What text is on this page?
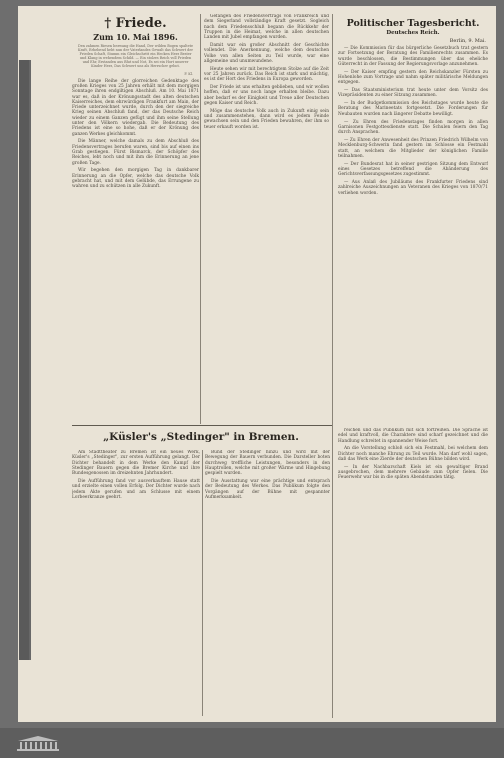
† Friede.
Zum 10. Mai 1896.
Den zahmen Riesen bezwang die Hand, Der wilden Bogen spaltete Kraft, Erhebend hebt nun der Vaterlandes Gewalt das Schwert der Frieden Schaft, Stumm ein Gleichschritt ein Hecken Herz Bester und Klang in wehendem Schild. — Ein stolzes Reich voll Frieden und Ehr, Erstanden aus Blut und Not, Es sei ein Hort unserer Kinder Herz, Das Schwert uns als Herrscher gebot.
F. Kl.

Die lange Reihe der glorreichen Gedenktage des großen Krieges von 25 Jahren erhält mit dem morgigen Sonntage ihren endgiltigen Abschluß. Am 10. Mai 1871 war es, daß in der Krönungsstadt des alten deutschen Kaiserreiches, dem ehrwürdigen Frankfurt am Main, der Friede unterzeichnet wurde, durch den der siegreiche Krieg seinen Abschluß fand, der das Deutsche Reich wieder zu einem Ganzen gefügt und ihm seine Stellung unter den Völkern wiedergab. Die Bedeutung des Friedens ist eine so hohe, daß er der Krönung des ganzen Werkes gleichkommt.

Die Männer, welche damals zu dem Abschluß des Friedensvertrages berufen waren, sind bis auf einen ins Grab gestiegen. Fürst Bismarck, der Schöpfer des Reiches, lebt noch und mit ihm die Erinnerung an jene großen Tage.

Wir begehen den morgigen Tag in dankbarer Erinnerung an die Opfer, welche das deutsche Volk gebracht hat, und mit dem Gelübde, das Errungene zu wahren und zu schützen in alle Zukunft.

Gefangen des Friedensvertrags von Frankreich und dem Siegerland vollständige Kraft gesetzt. Sogleich nach dem Friedensschluß begann die Rückkehr der Truppen in die Heimat, welche in allen deutschen Landen mit Jubel empfangen wurden.

Damit war ein großer Abschnitt der Geschichte vollendet. Die Anerkennung, welche dem deutschen Volke von allen Seiten zu Teil wurde, war eine allgemeine und unumwundene.

Heute sehen wir mit berechtigtem Stolze auf die Zeit vor 25 Jahren zurück. Das Reich ist stark und mächtig, es ist der Hort des Friedens in Europa geworden.

Der Friede ist uns erhalten geblieben, und wir wollen hoffen, daß er uns noch lange erhalten bleibe. Dazu aber bedarf es der Einigkeit und Treue aller Deutschen gegen Kaiser und Reich.

Möge das deutsche Volk auch in Zukunft einig sein und zusammenstehen, dann wird es jedem Feinde gewachsen sein und den Frieden bewahren, der ihm so teuer erkauft worden ist.

Politischer Tagesbericht.
Deutsches Reich.
Berlin, 9. Mai.

— Die Kommission für das bürgerliche Gesetzbuch trat gestern zur Fortsetzung der Beratung des Familienrechts zusammen. Es wurde beschlossen, die Bestimmungen über das eheliche Güterrecht in der Fassung der Regierungsvorlage anzunehmen.

— Der Kaiser empfing gestern den Reichskanzler Fürsten zu Hohenlohe zum Vortrage und nahm später militärische Meldungen entgegen.

— Das Staatsministerium trat heute unter dem Vorsitz des Vizepräsidenten zu einer Sitzung zusammen.

— In der Budgetkommission des Reichstages wurde heute die Beratung des Marineetats fortgesetzt. Die Forderungen für Neubauten wurden nach längerer Debatte bewilligt.

— Zu Ehren des Friedenstages finden morgen in allen Garnisonen Festgottesdienste statt. Die Schulen feiern den Tag durch Ansprachen.

— Zu Ehren der Anwesenheit des Prinzen Friedrich Wilhelm von Mecklenburg-Schwerin fand gestern im Schlosse ein Festmahl statt, an welchem die Mitglieder der königlichen Familie teilnahmen.

— Der Bundesrat hat in seiner gestrigen Sitzung dem Entwurf eines Gesetzes betreffend die Abänderung des Gerichtsverfassungsgesetzes zugestimmt.

— Aus Anlaß des Jubiläums des Frankfurter Friedens sind zahlreiche Auszeichnungen an Veteranen des Krieges von 1870/71 verliehen worden.

„Küsler's „Stedinger" in Bremen.

Am Stadttheater zu Bremen ist ein neues Werk, Küsler's „Stedinger", zur ersten Aufführung gelangt. Der Dichter behandelt in dem Werke den Kampf der Stedinger Bauern gegen die Bremer Kirche und ihre Bundesgenossen im dreizehnten Jahrhundert.

Die Aufführung fand vor ausverkauftem Hause statt und erzielte einen vollen Erfolg. Der Dichter wurde nach jedem Akte gerufen und am Schlusse mit einem Lorbeerkranze geehrt.

Bund der Stedinger hinzu und wird mit der Bewegung der Bauern verbunden. Die Darsteller boten durchweg treffliche Leistungen, besonders in den Hauptrollen, welche mit großer Wärme und Hingebung gespielt wurden.

Die Ausstattung war eine prächtige und entsprach der Bedeutung des Werkes. Das Publikum folgte den Vorgängen auf der Bühne mit gespannter Aufmerksamkeit.

reichen und das Publikum mit sich fortreißen. Die Sprache ist edel und kraftvoll, die Charaktere sind scharf gezeichnet und die Handlung schreitet in spannender Weise fort.

An die Vorstellung schloß sich ein Festmahl, bei welchem dem Dichter noch manche Ehrung zu Teil wurde. Man darf wohl sagen, daß das Werk eine Zierde der deutschen Bühne bilden wird.

— In der Nachbarschaft Kiels ist ein gewaltiger Brand ausgebrochen, dem mehrere Gebäude zum Opfer fielen. Die Feuerwehr war bis in die späten Abendstunden tätig.
